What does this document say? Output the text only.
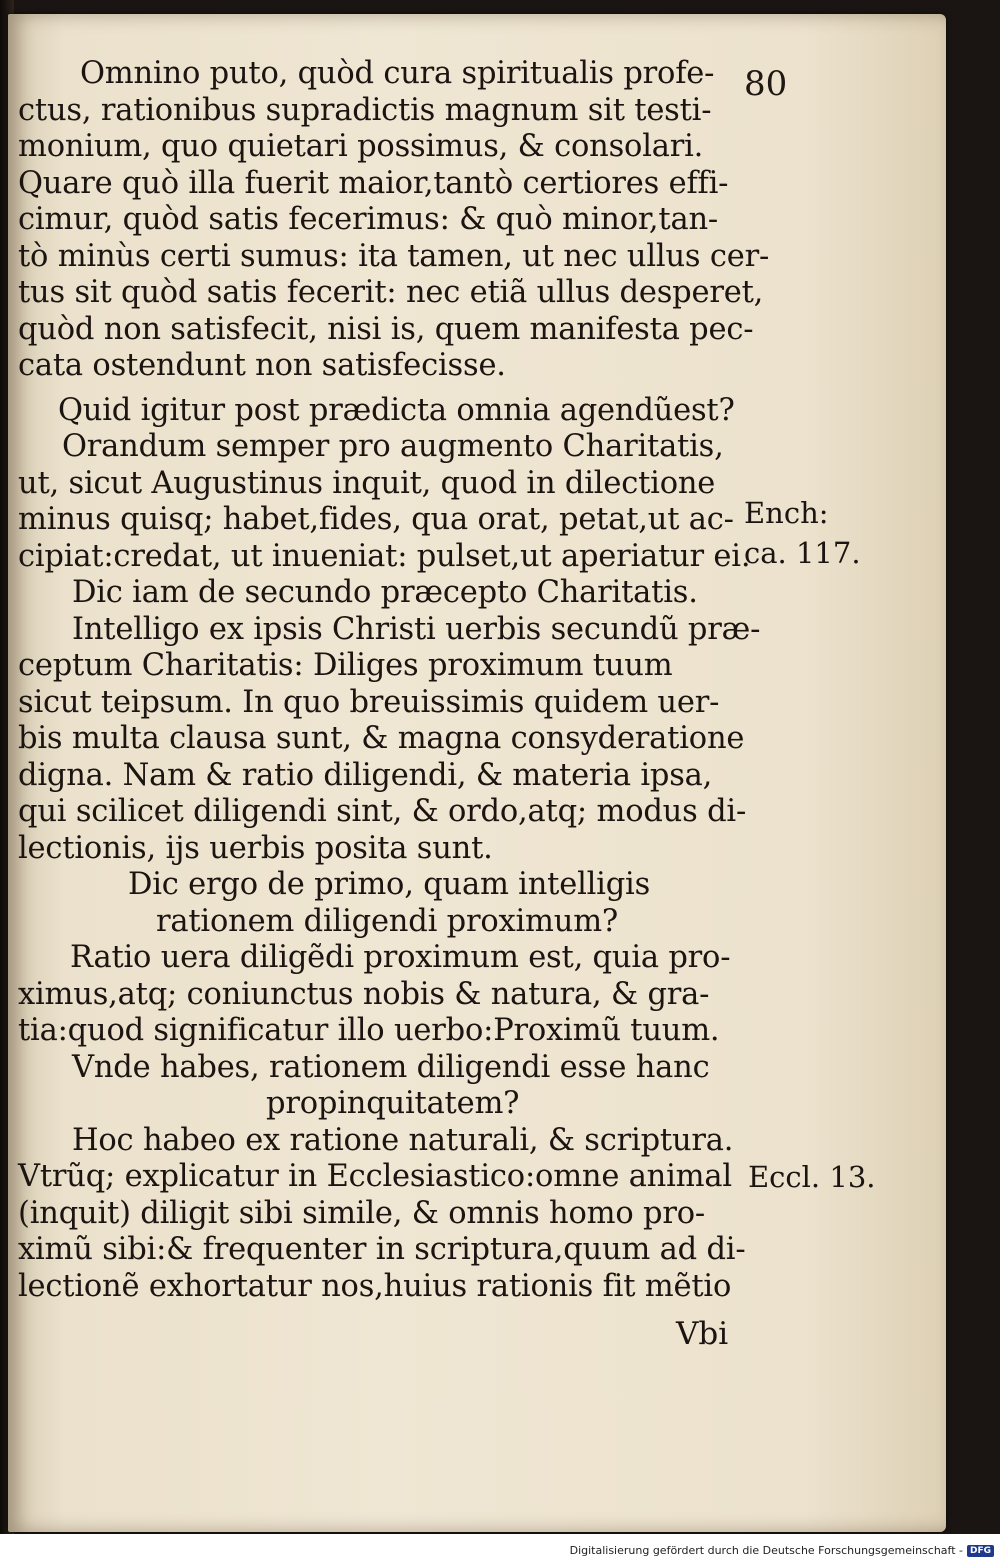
80
Omnino puto, quòd cura spiritualis profe-
ctus, rationibus supradictis magnum sit testi-
monium, quo quietari possimus, & consolari.
Quare quò illa fuerit maior,tantò certiores effi-
cimur, quòd satis fecerimus: & quò minor,tan-
tò minùs certi sumus: ita tamen, ut nec ullus cer-
tus sit quòd satis fecerit: nec etiã ullus desperet,
quòd non satisfecit, nisi is, quem manifesta pec-
cata ostendunt non satisfecisse.
Quid igitur post prædicta omnia agendũest?
Orandum semper pro augmento Charitatis,
ut, sicut Augustinus inquit, quod in dilectione
minus quisq; habet,fides, qua orat, petat,ut ac-
cipiat:credat, ut inueniat: pulset,ut aperiatur ei.
Dic iam de secundo præcepto Charitatis.
Intelligo ex ipsis Christi uerbis secundũ præ-
ceptum Charitatis: Diliges proximum tuum
sicut teipsum. In quo breuissimis quidem uer-
bis multa clausa sunt, & magna consyderatione
digna. Nam & ratio diligendi, & materia ipsa,
qui scilicet diligendi sint, & ordo,atq; modus di-
lectionis, ijs uerbis posita sunt.
Dic ergo de primo, quam intelligis
rationem diligendi proximum?
Ratio uera diligẽdi proximum est, quia pro-
ximus,atq; coniunctus nobis & natura, & gra-
tia:quod significatur illo uerbo:Proximũ tuum.
Vnde habes, rationem diligendi esse hanc
propinquitatem?
Hoc habeo ex ratione naturali, & scriptura.
Vtrũq; explicatur in Ecclesiastico:omne animal
(inquit) diligit sibi simile, & omnis homo pro-
ximũ sibi:& frequenter in scriptura,quum ad di-
lectionẽ exhortatur nos,huius rationis fit mẽtio
Ench:
ca. 117.
Eccl. 13.
Vbi
Digitalisierung gefördert durch die Deutsche Forschungsgemeinschaft - DFG
